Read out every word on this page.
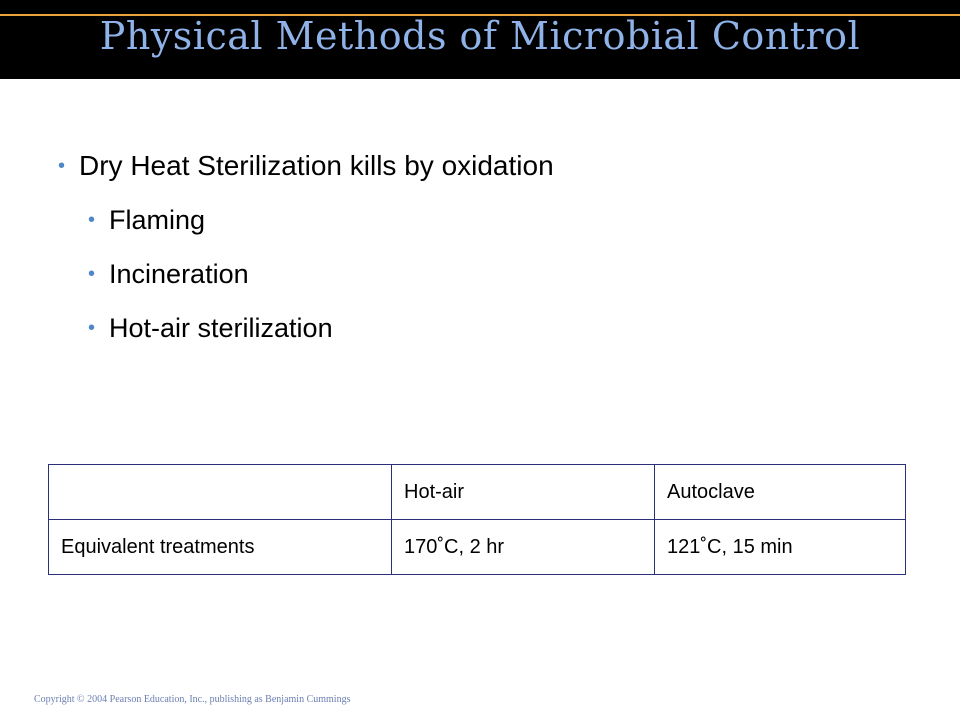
Physical Methods of Microbial Control
• Dry Heat Sterilization kills by oxidation
• Flaming
• Incineration
• Hot-air sterilization
	Hot-air	Autoclave
Equivalent treatments	170˚C, 2 hr	121˚C, 15 min
Copyright © 2004 Pearson Education, Inc., publishing as Benjamin Cummings
